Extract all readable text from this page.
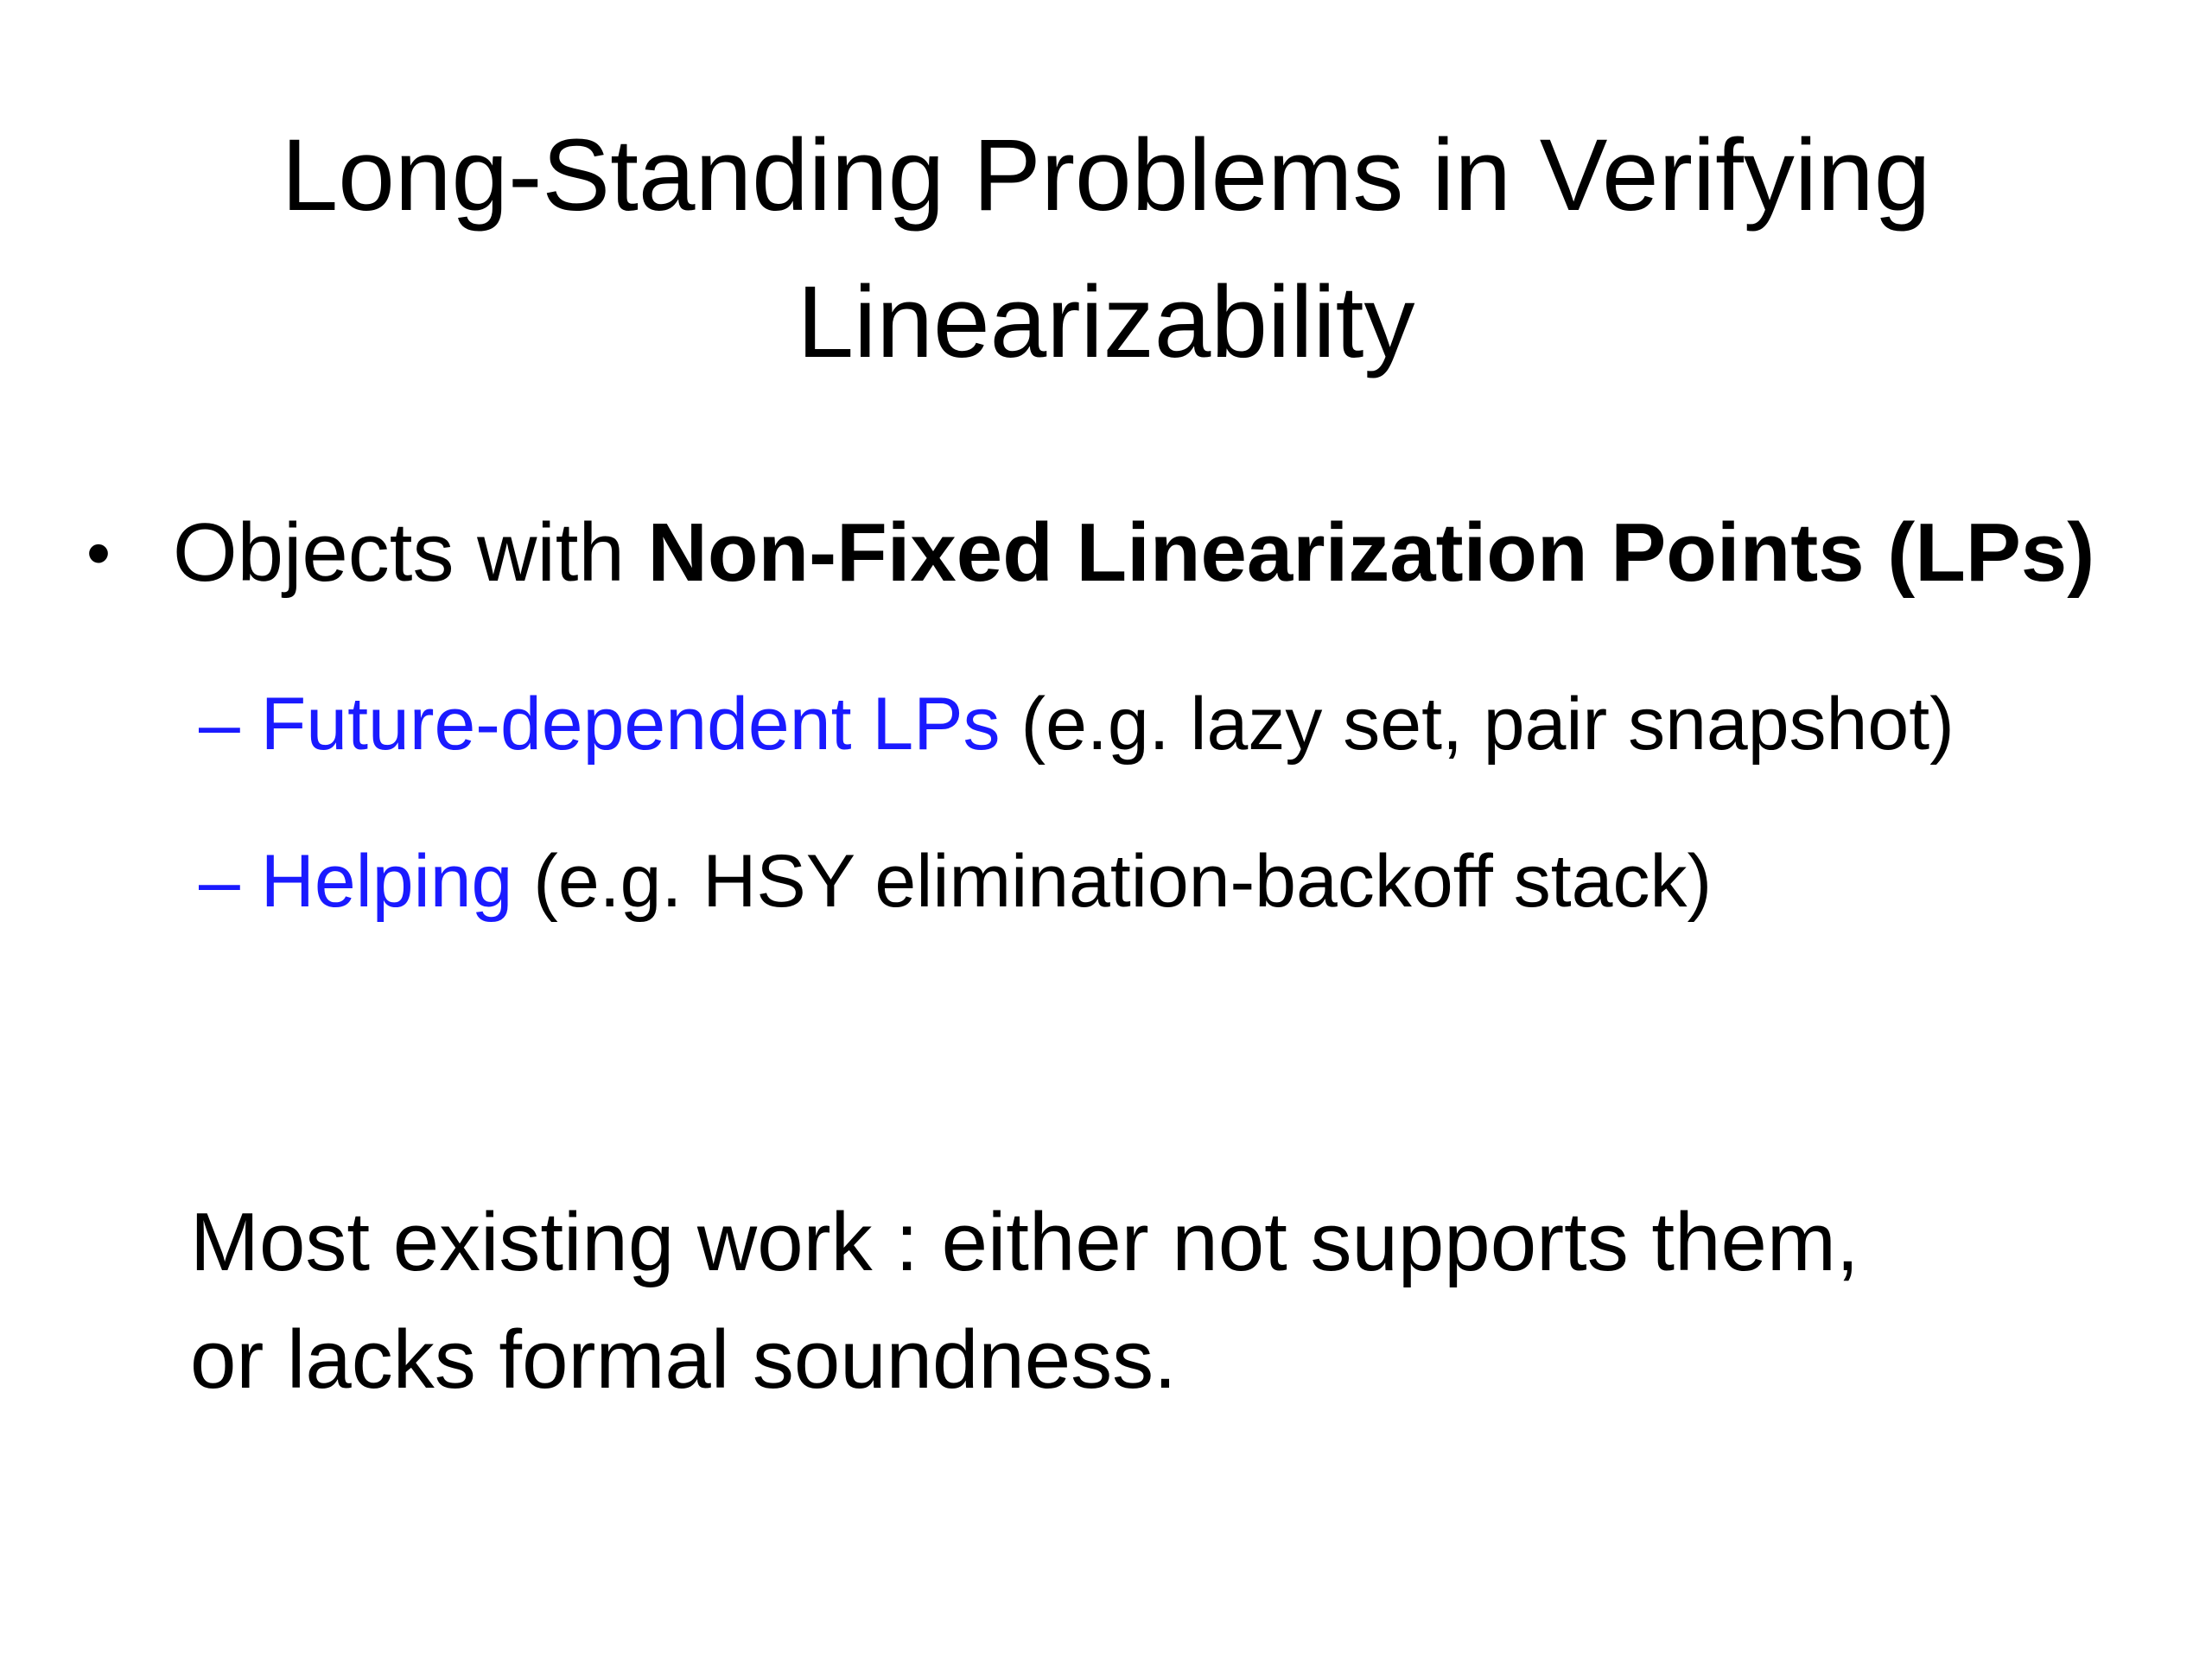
Long-Standing Problems in Verifying
Linearizability
• Objects with Non-Fixed Linearization Points (LPs)
– Future-dependent LPs (e.g. lazy set, pair snapshot)
– Helping (e.g. HSY elimination-backoff stack)
Most existing work : either not supports them,
or lacks formal soundness.
